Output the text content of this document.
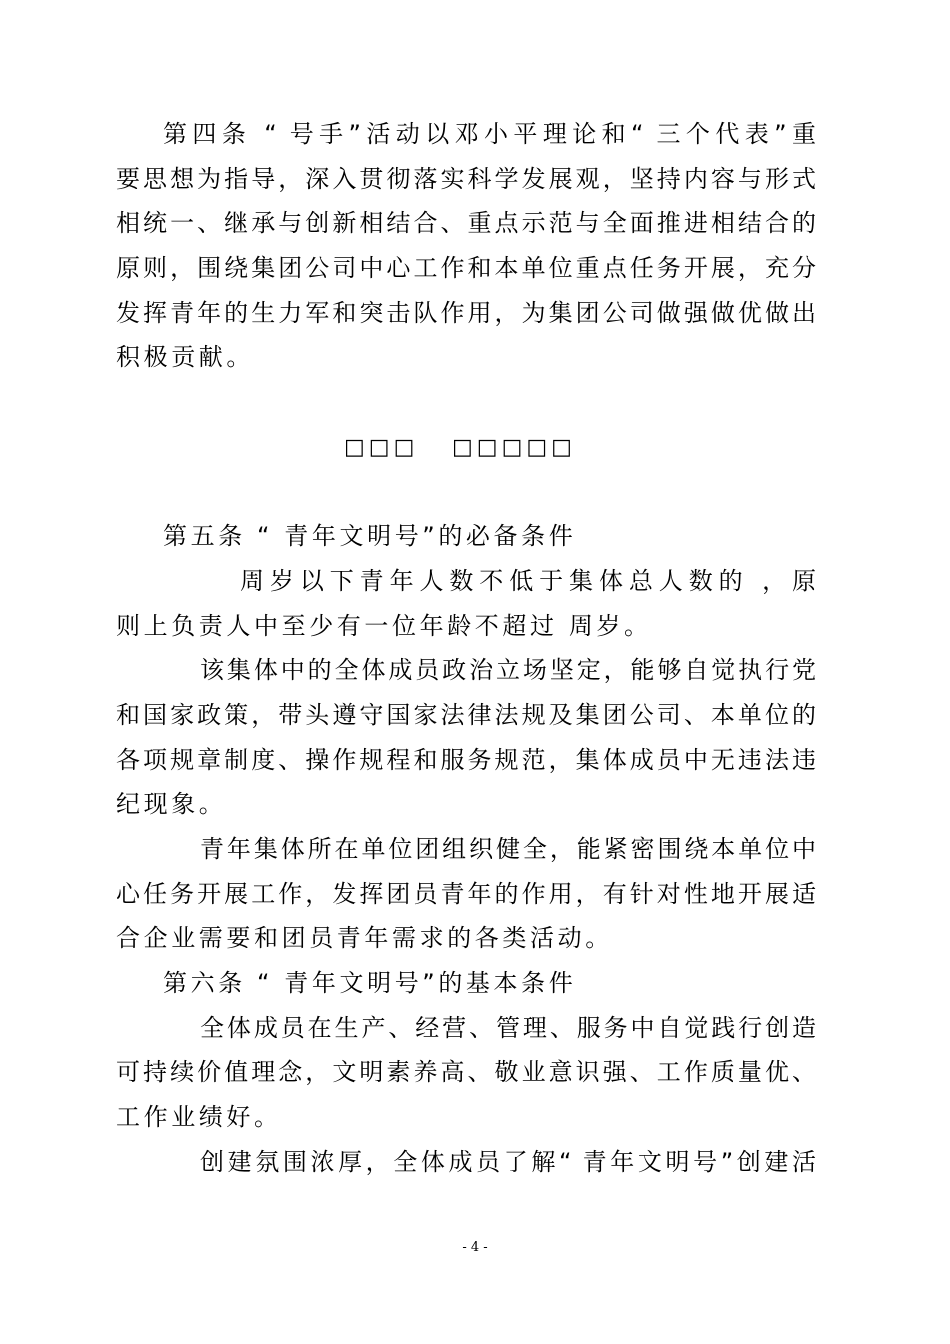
第四条 “ 号手”活动以邓小平理论和“ 三个代表”重
要思想为指导，深入贯彻落实科学发展观，坚持内容与形式
相统一、继承与创新相结合、重点示范与全面推进相结合的
原则，围绕集团公司中心工作和本单位重点任务开展，充分
发挥青年的生力军和突击队作用，为集团公司做强做优做出
积极贡献。
□□□ □□□□□
第五条 “ 青年文明号”的必备条件
周岁以下青年人数不低于集体总人数的 ，原
则上负责人中至少有一位年龄不超过 周岁。
该集体中的全体成员政治立场坚定，能够自觉执行党
和国家政策，带头遵守国家法律法规及集团公司、本单位的
各项规章制度、操作规程和服务规范，集体成员中无违法违
纪现象。
青年集体所在单位团组织健全，能紧密围绕本单位中
心任务开展工作，发挥团员青年的作用，有针对性地开展适
合企业需要和团员青年需求的各类活动。
第六条 “ 青年文明号”的基本条件
全体成员在生产、经营、管理、服务中自觉践行创造
可持续价值理念，文明素养高、敬业意识强、工作质量优、
工作业绩好。
创建氛围浓厚，全体成员了解“ 青年文明号”创建活
- 4 -
